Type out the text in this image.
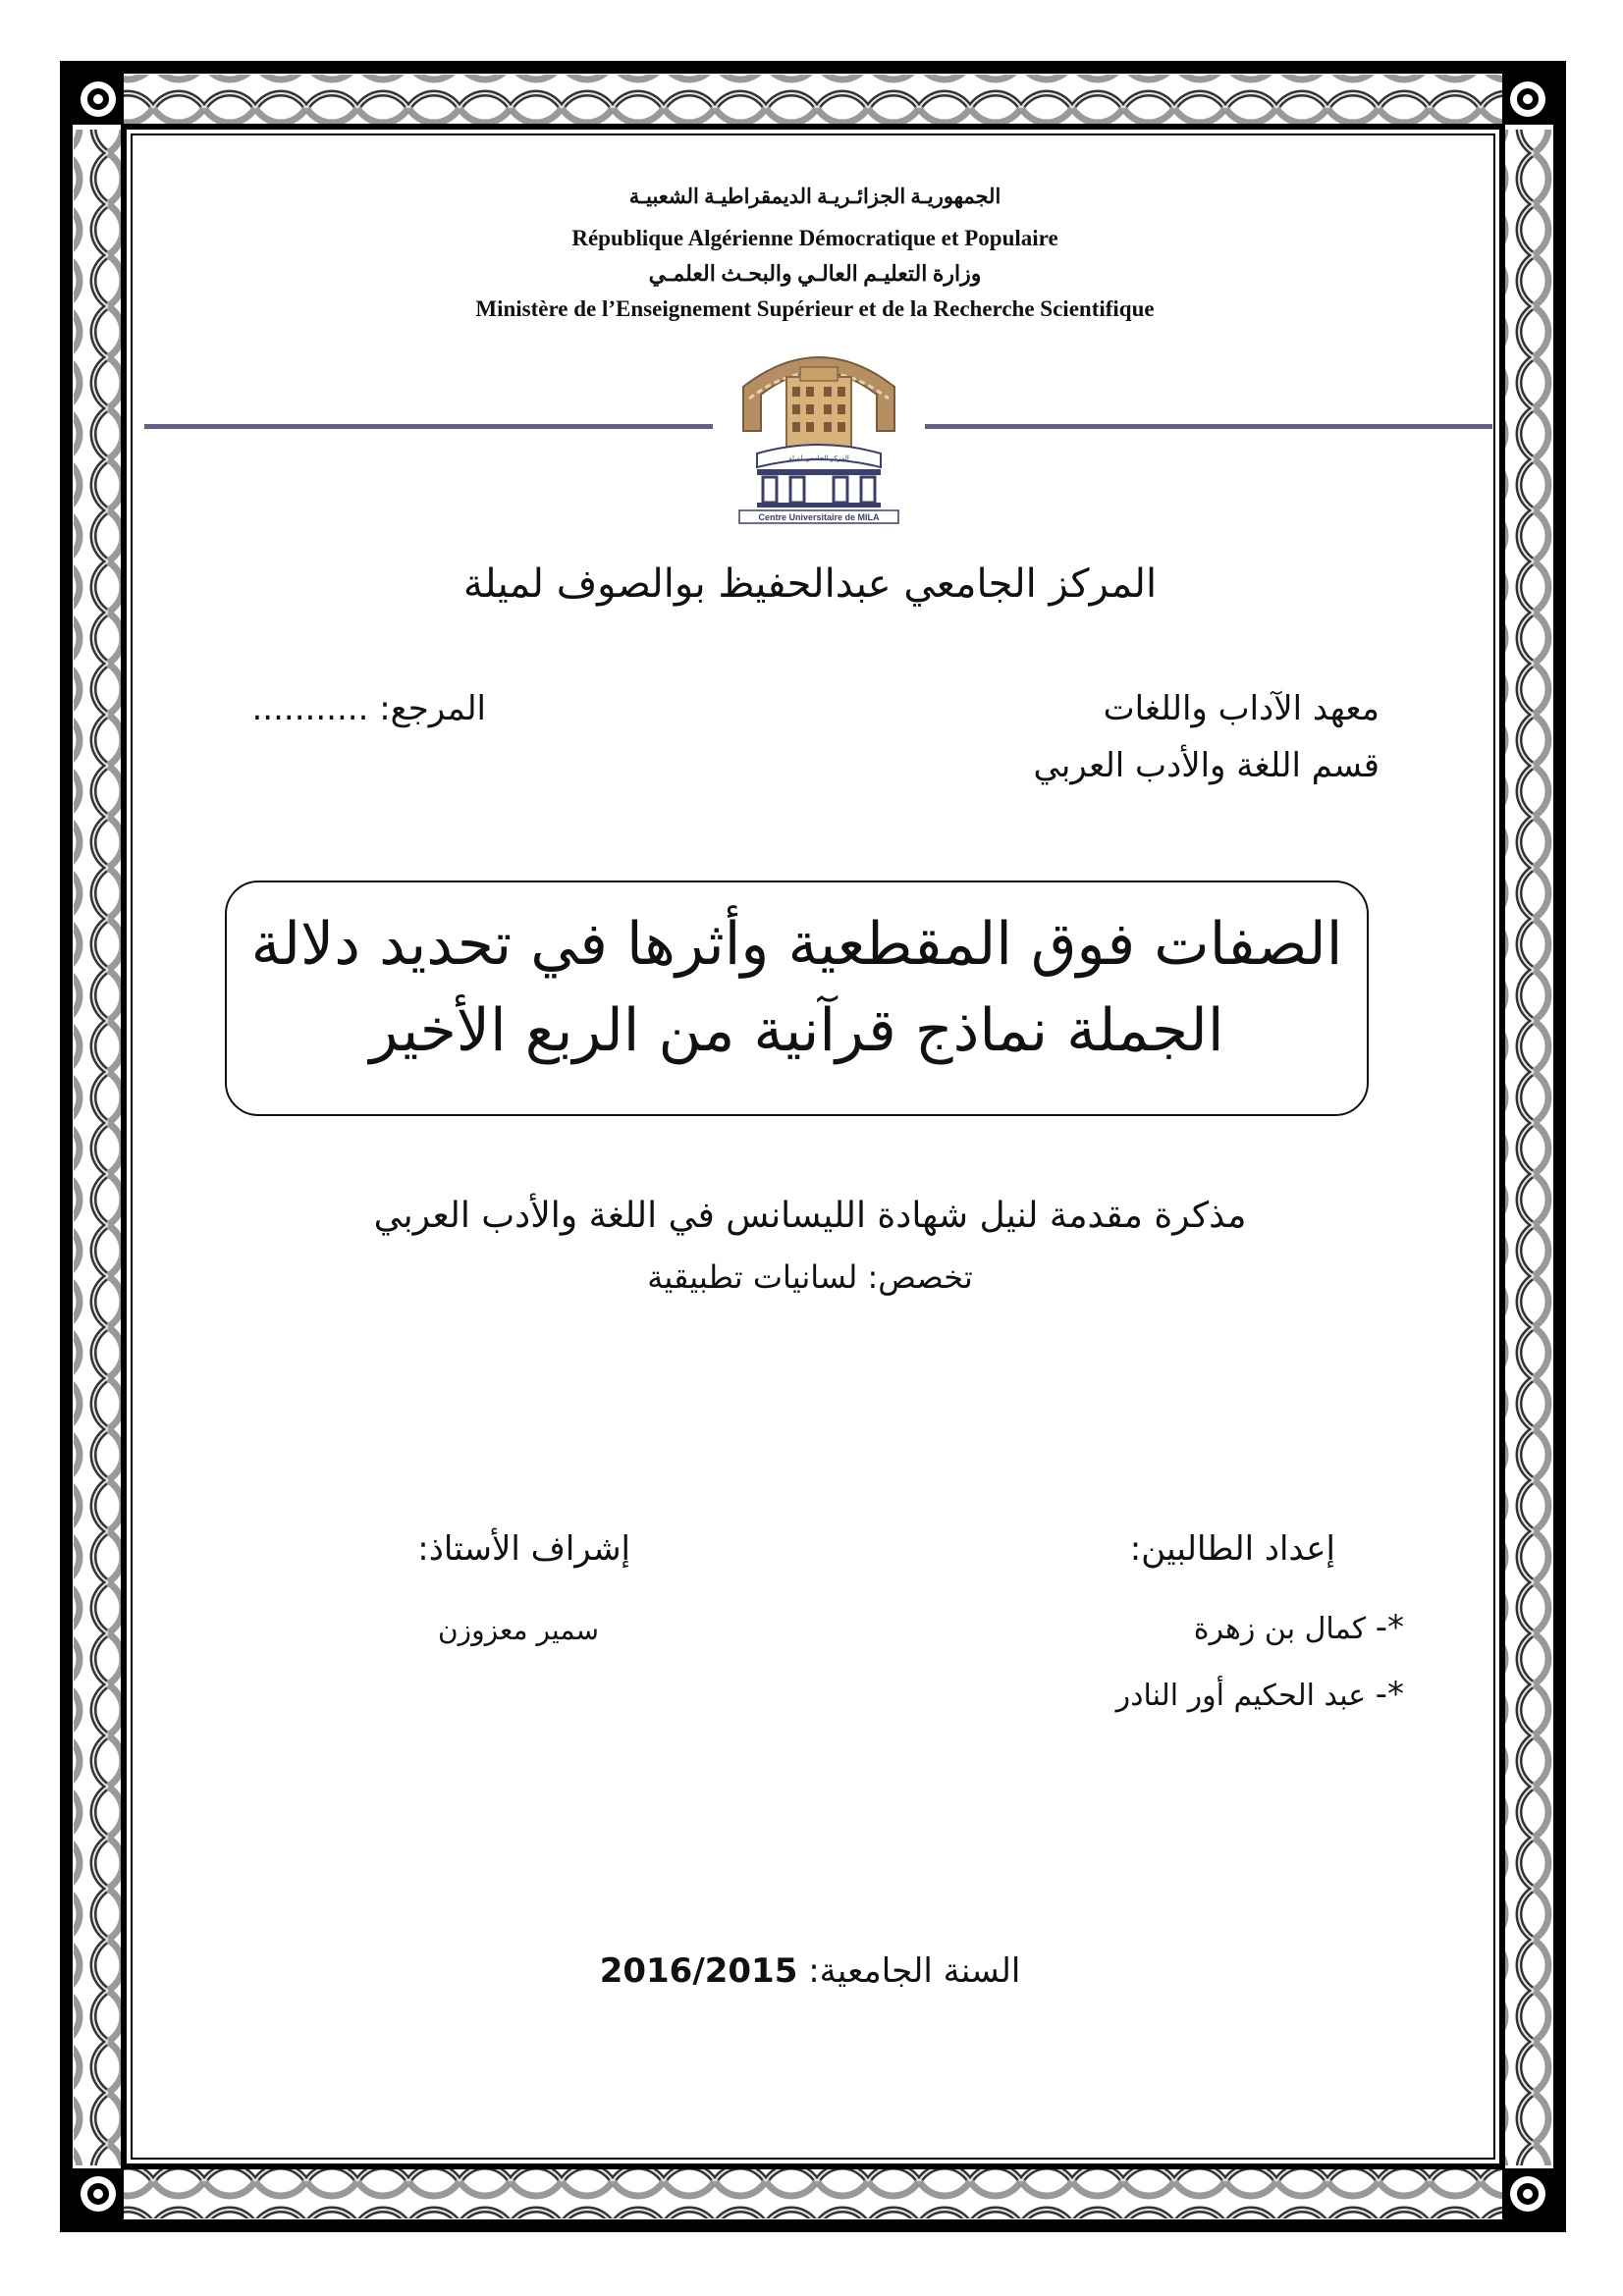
الجمهوريـة الجزائـريـة الديمقراطيـة الشعبيـة
République Algérienne Démocratique et Populaire
وزارة التعليـم العالـي والبحـث العلمـي
Ministère de l’Enseignement Supérieur et de la Recherche Scientifique
المركز الجامعي لميلة
Centre Universitaire de MILA
المركز الجامعي عبدالحفيظ بوالصوف لميلة
معهد الآداب واللغات
قسم اللغة والأدب العربي
المرجع: ...........
الصفات فوق المقطعية وأثرها في تحديد دلالة
الجملة نماذج قرآنية من الربع الأخير
مذكرة مقدمة لنيل شهادة الليسانس في اللغة والأدب العربي
تخصص: لسانيات تطبيقية
إعداد الطالبين:
*- كمال بن زهرة
*- عبد الحكيم أور النادر
إشراف الأستاذ:
سمير معزوزن
السنة الجامعية: 2016/2015
